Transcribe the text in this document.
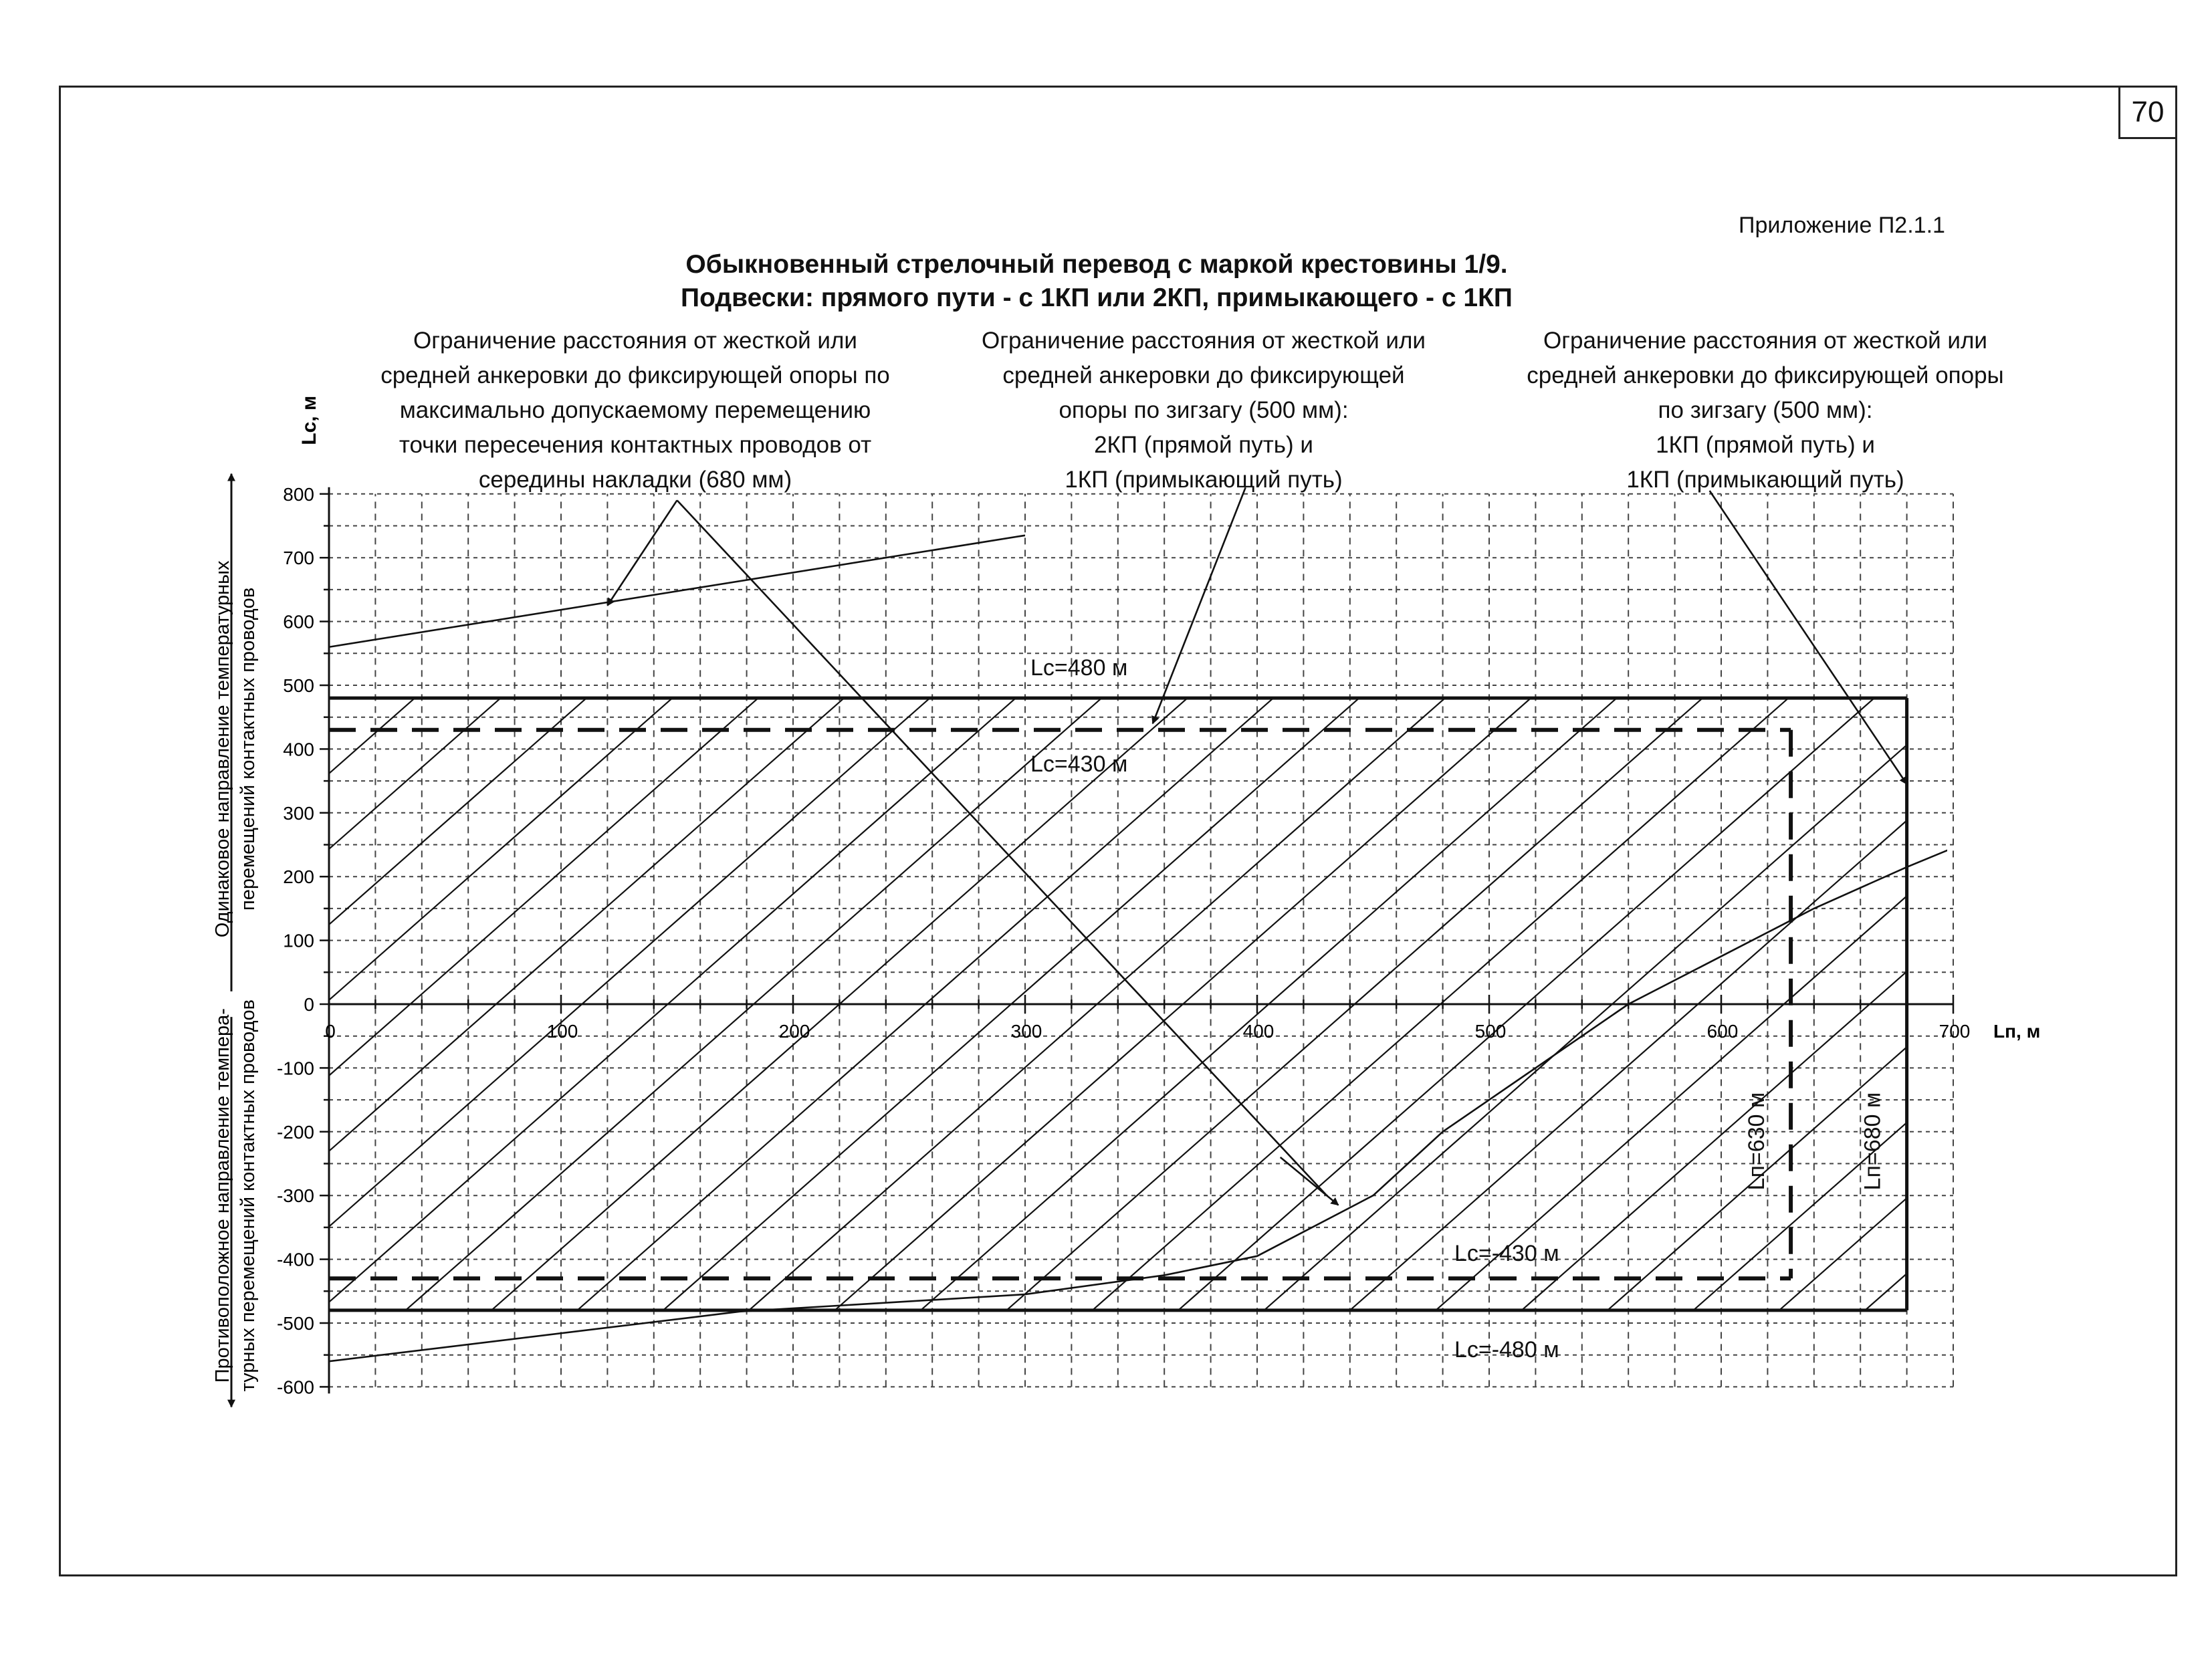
70
Приложение П2.1.1
Обыкновенный стрелочный перевод с маркой крестовины 1/9.
Подвески: прямого пути - с 1КП или 2КП, примыкающего - с 1КП
Ограничение расстояния от жесткой или
средней анкеровки до фиксирующей опоры по
максимально допускаемому перемещению
точки пересечения контактных проводов от
середины накладки (680 мм)
Ограничение расстояния от жесткой или
средней анкеровки до фиксирующей
опоры по зигзагу (500 мм):
2КП (прямой путь) и
1КП (примыкающий путь)
Ограничение расстояния от жесткой или
средней анкеровки до фиксирующей опоры
по зигзагу (500 мм):
1КП (прямой путь) и
1КП (примыкающий путь)
0	100	200	300	400	500	600	700
800
700
600
500
400
300
200
100
0
-100
-200
-300
-400
-500
-600
Lп, м
Lс, м
Одинаковое направление температурных перемещений контактных проводов
Противоположное направление темпера- турных перемещений контактных проводов
Lc=480 м
Lc=-480 м
Lп=680 м
Lc=430 м
Lc=-430 м
Lп=630 м
